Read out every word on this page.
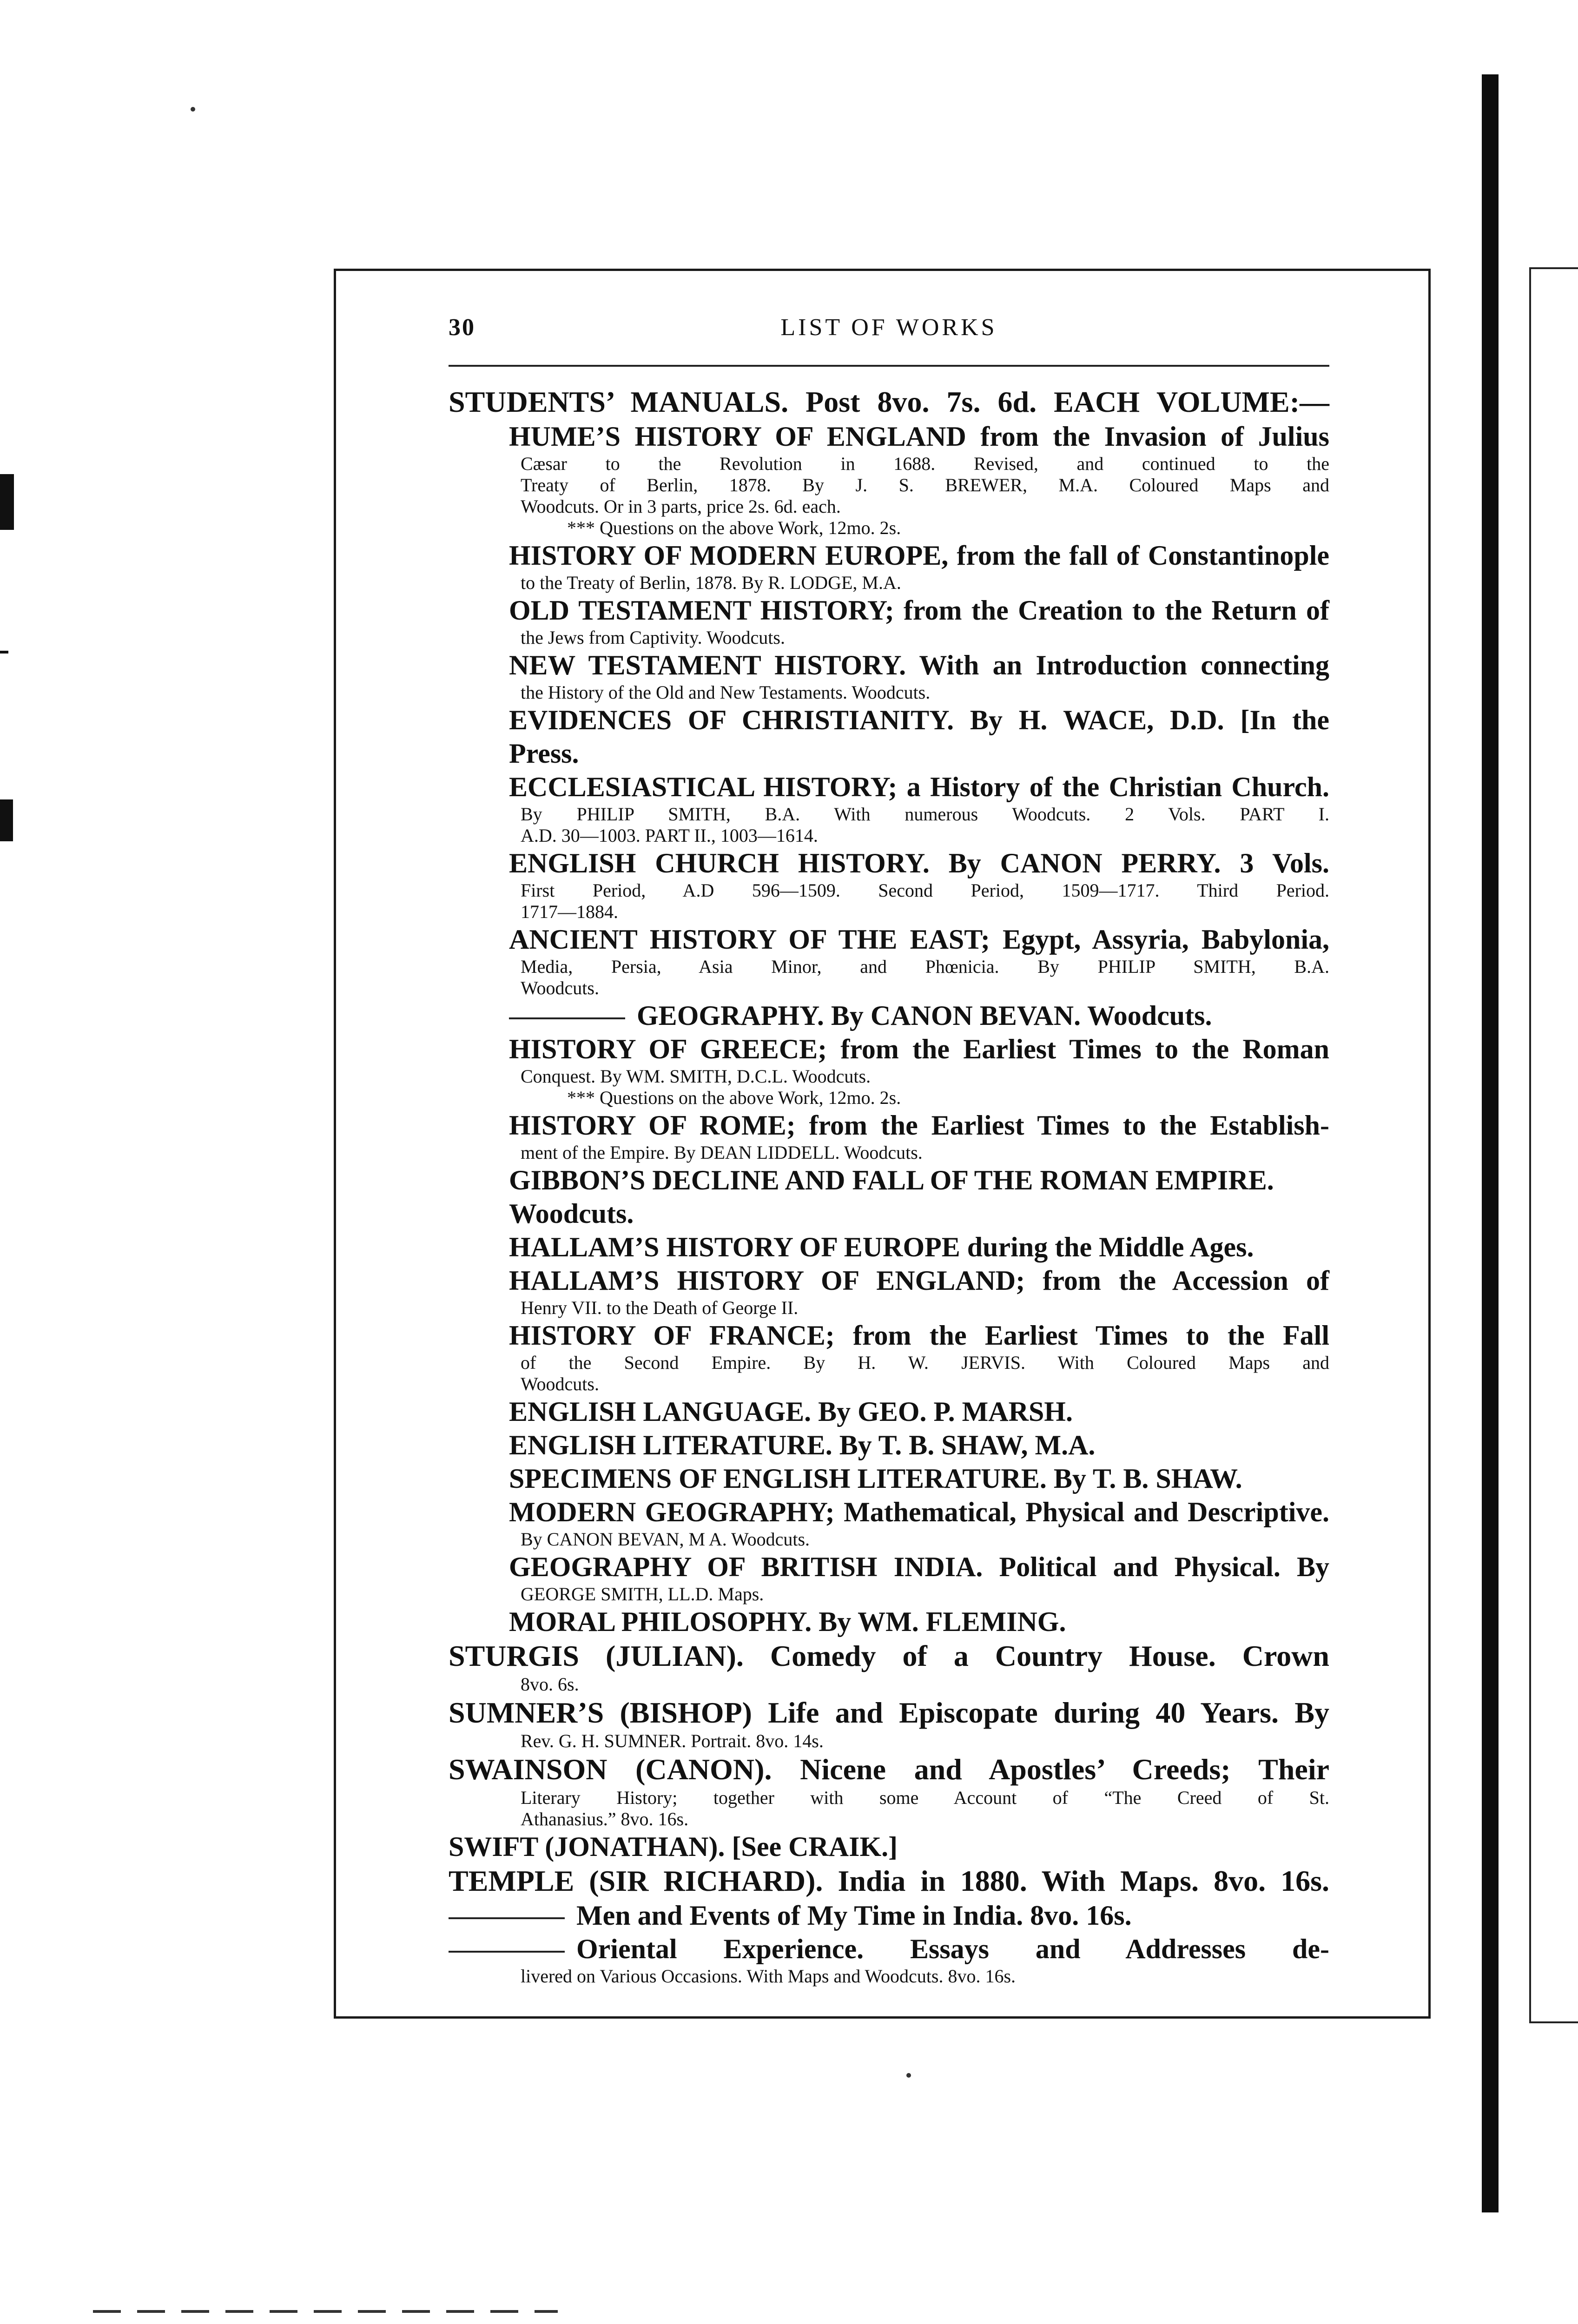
30	LIST OF WORKS
STUDENTS’ MANUALS. Post 8vo. 7s. 6d. EACH VOLUME:—
HUME’S HISTORY OF ENGLAND from the Invasion of Julius
Cæsar to the Revolution in 1688. Revised, and continued to the
Treaty of Berlin, 1878. By J. S. BREWER, M.A. Coloured Maps and
Woodcuts. Or in 3 parts, price 2s. 6d. each.
*** Questions on the above Work, 12mo. 2s.
HISTORY OF MODERN EUROPE, from the fall of Constantinople
to the Treaty of Berlin, 1878. By R. LODGE, M.A.
OLD TESTAMENT HISTORY; from the Creation to the Return of
the Jews from Captivity. Woodcuts.
NEW TESTAMENT HISTORY. With an Introduction connecting
the History of the Old and New Testaments. Woodcuts.
EVIDENCES OF CHRISTIANITY. By H. WACE, D.D. [In the Press.
ECCLESIASTICAL HISTORY; a History of the Christian Church.
By PHILIP SMITH, B.A. With numerous Woodcuts. 2 Vols. PART I.
A.D. 30—1003. PART II., 1003—1614.
ENGLISH CHURCH HISTORY. By CANON PERRY. 3 Vols.
First Period, A.D 596—1509. Second Period, 1509—1717. Third Period.
1717—1884.
ANCIENT HISTORY OF THE EAST; Egypt, Assyria, Babylonia,
Media, Persia, Asia Minor, and Phœnicia. By PHILIP SMITH, B.A.
Woodcuts.
GEOGRAPHY. By CANON BEVAN. Woodcuts.
HISTORY OF GREECE; from the Earliest Times to the Roman
Conquest. By WM. SMITH, D.C.L. Woodcuts.
*** Questions on the above Work, 12mo. 2s.
HISTORY OF ROME; from the Earliest Times to the Establish-
ment of the Empire. By DEAN LIDDELL. Woodcuts.
GIBBON’S DECLINE AND FALL OF THE ROMAN EMPIRE. Woodcuts.
HALLAM’S HISTORY OF EUROPE during the Middle Ages.
HALLAM’S HISTORY OF ENGLAND; from the Accession of
Henry VII. to the Death of George II.
HISTORY OF FRANCE; from the Earliest Times to the Fall
of the Second Empire. By H. W. JERVIS. With Coloured Maps and
Woodcuts.
ENGLISH LANGUAGE. By GEO. P. MARSH.
ENGLISH LITERATURE. By T. B. SHAW, M.A.
SPECIMENS OF ENGLISH LITERATURE. By T. B. SHAW.
MODERN GEOGRAPHY; Mathematical, Physical and Descriptive.
By CANON BEVAN, M A. Woodcuts.
GEOGRAPHY OF BRITISH INDIA. Political and Physical. By
GEORGE SMITH, LL.D. Maps.
MORAL PHILOSOPHY. By WM. FLEMING.
STURGIS (JULIAN). Comedy of a Country House. Crown
8vo. 6s.
SUMNER’S (BISHOP) Life and Episcopate during 40 Years. By
Rev. G. H. SUMNER. Portrait. 8vo. 14s.
SWAINSON (CANON). Nicene and Apostles’ Creeds; Their
Literary History; together with some Account of “The Creed of St.
Athanasius.” 8vo. 16s.
SWIFT (JONATHAN). [See CRAIK.]
TEMPLE (SIR RICHARD). India in 1880. With Maps. 8vo. 16s.
Men and Events of My Time in India. 8vo. 16s.
Oriental Experience. Essays and Addresses de-
livered on Various Occasions. With Maps and Woodcuts. 8vo. 16s.
